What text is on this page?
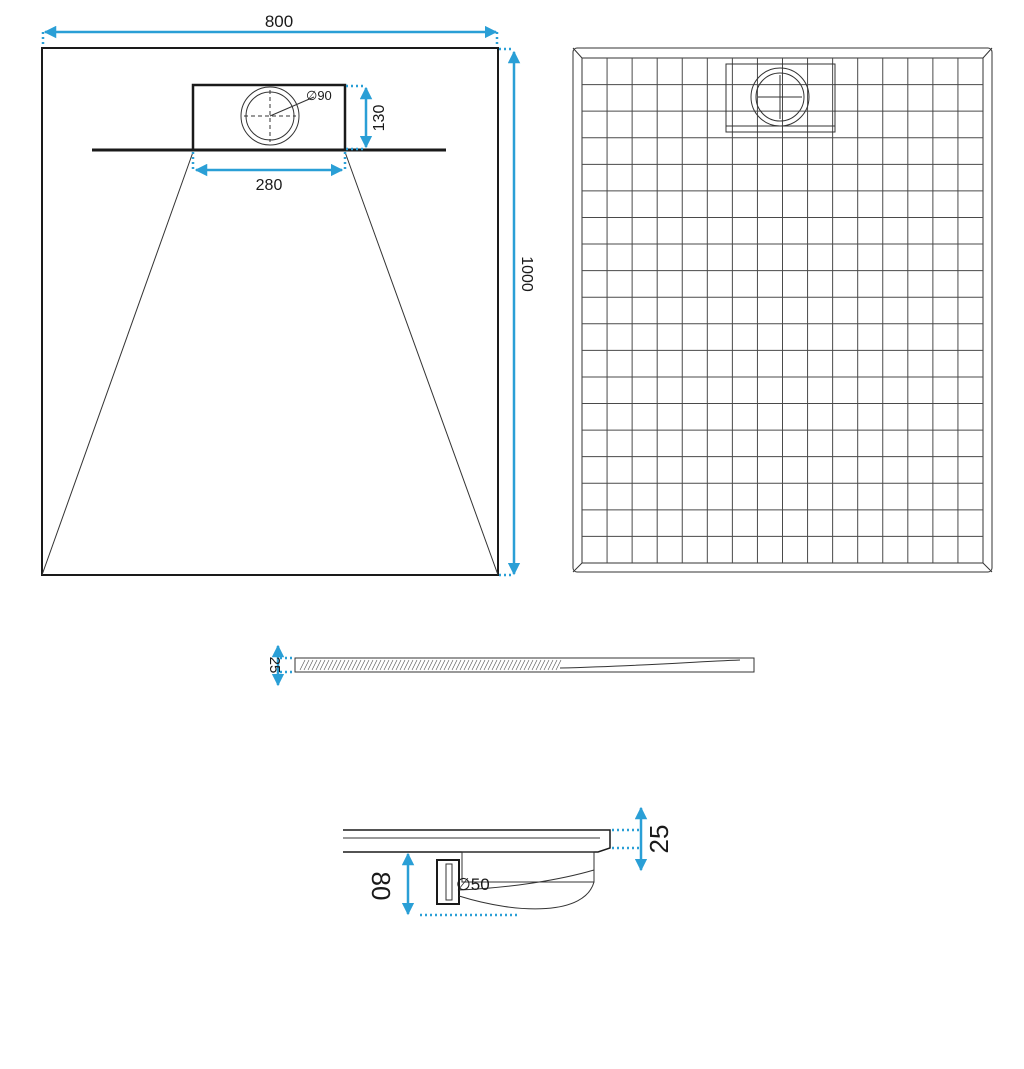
800
1000
280
130
∅90
25
80
25
∅50
